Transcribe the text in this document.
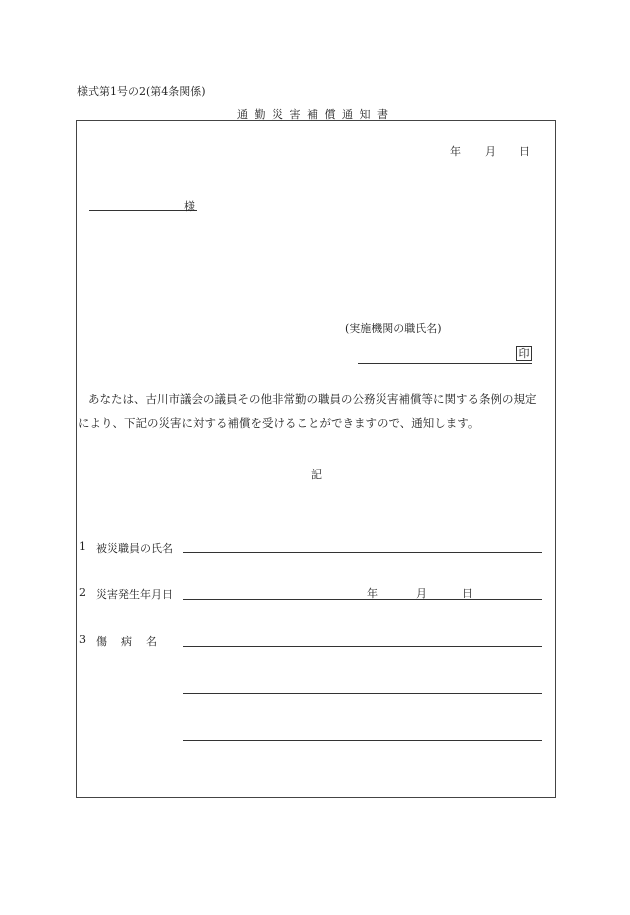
様式第1号の2(第4条関係)
通勤災害補償通知書
年 月 日
様
(実施機関の職氏名)
印
あなたは、古川市議会の議員その他非常勤の職員の公務災害補償等に関する条例の規定
により、下記の災害に対する補償を受けることができますので、通知します。
記
1 被災職員の氏名
2 災害発生年月日	年	月	日
3 傷病名
